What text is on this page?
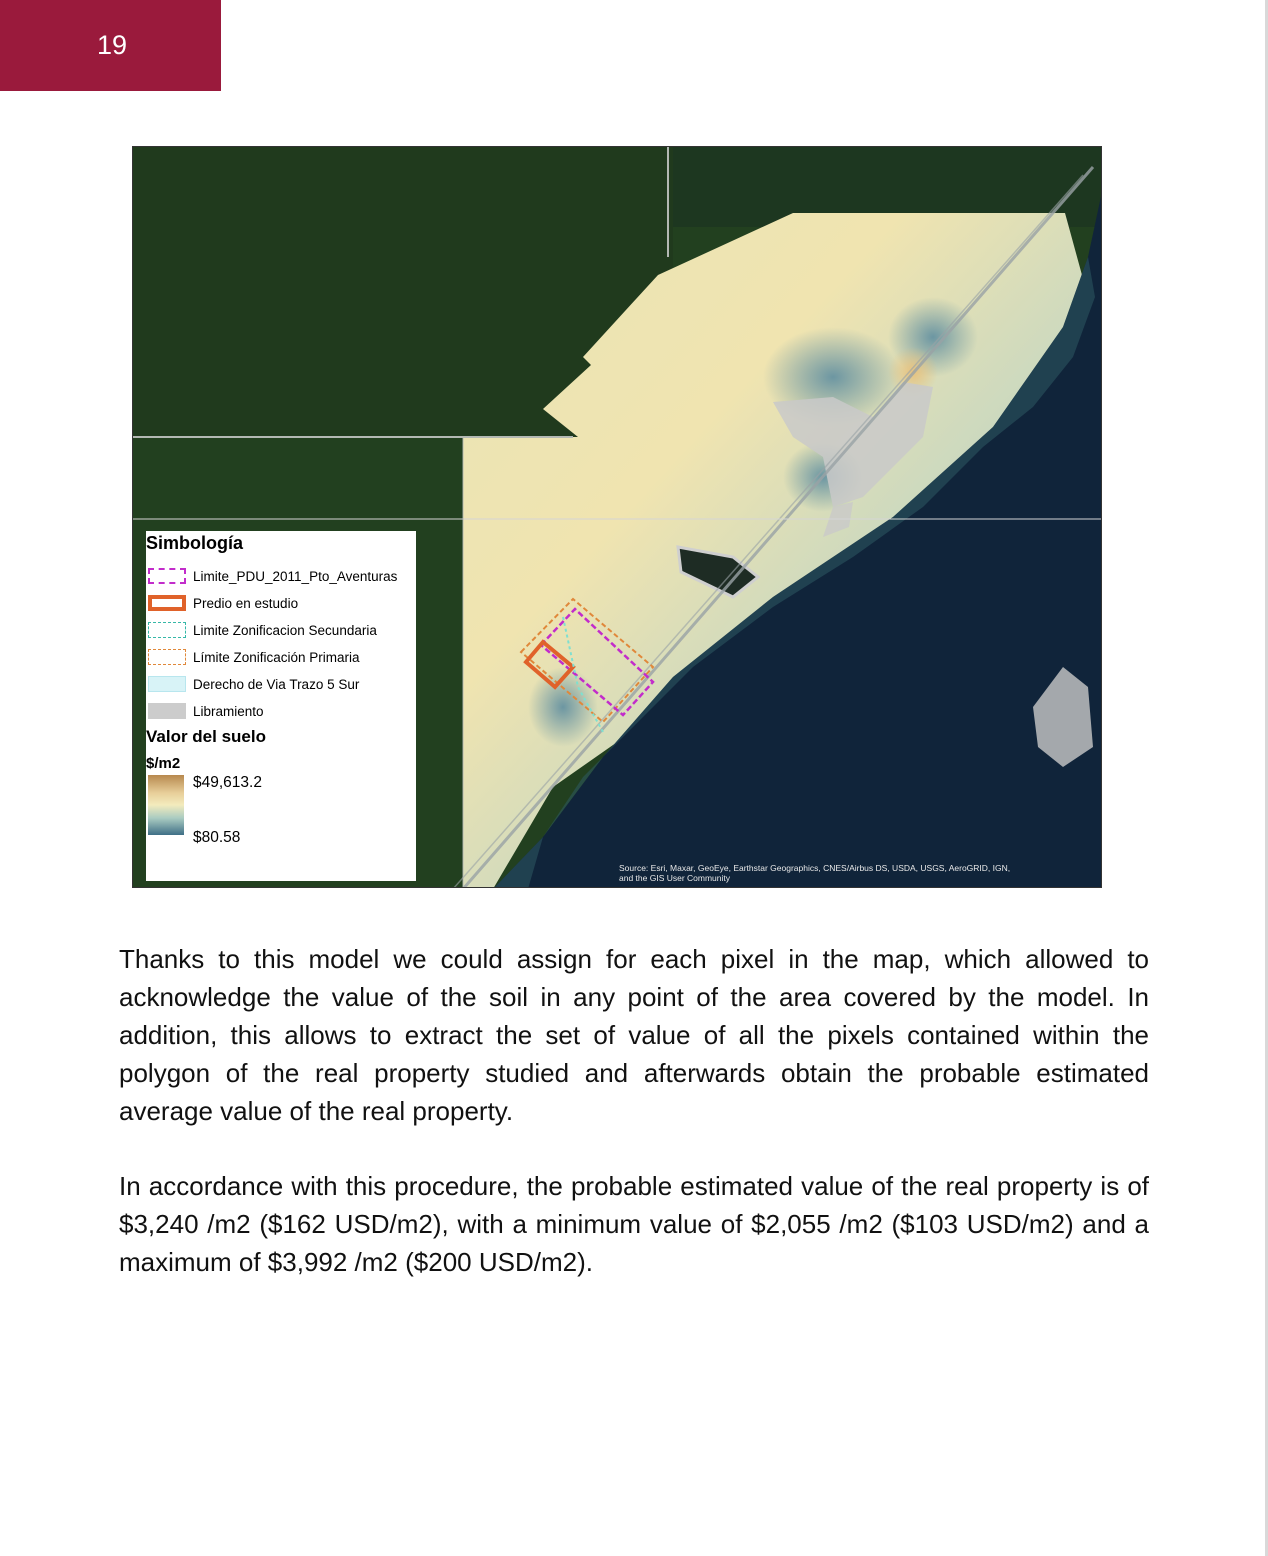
19
Simbología
Limite_PDU_2011_Pto_Aventuras
Predio en estudio
Limite Zonificacion Secundaria
Límite Zonificación Primaria
Derecho de Via Trazo 5 Sur
Libramiento
Valor del suelo
$/m2
$49,613.2
$80.58
Source: Esri, Maxar, GeoEye, Earthstar Geographics, CNES/Airbus DS, USDA, USGS, AeroGRID, IGN,
and the GIS User Community

Thanks to this model we could assign for each pixel in the map, which allowed to acknowledge the value of the soil in any point of the area covered by the model. In addition, this allows to extract the set of value of all the pixels contained within the polygon of the real property studied and afterwards obtain the probable estimated average value of the real property.

In accordance with this procedure, the probable estimated value of the real property is of $3,240 /m2 ($162 USD/m2), with a minimum value of $2,055 /m2 ($103 USD/m2) and a maximum of $3,992 /m2 ($200 USD/m2).
